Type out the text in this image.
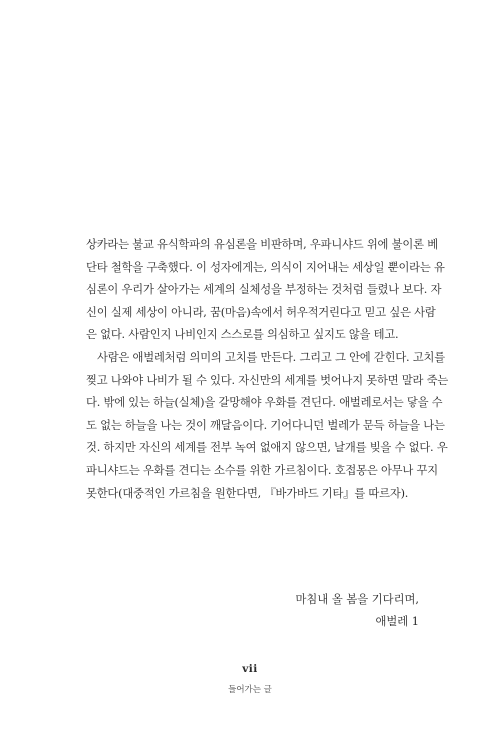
상카라는 불교 유식학파의 유심론을 비판하며, 우파니샤드 위에 불이론 베
단타 철학을 구축했다. 이 성자에게는, 의식이 지어내는 세상일 뿐이라는 유
심론이 우리가 살아가는 세계의 실체성을 부정하는 것처럼 들렸나 보다. 자
신이 실제 세상이 아니라, 꿈(마음)속에서 허우적거린다고 믿고 싶은 사람
은 없다. 사람인지 나비인지 스스로를 의심하고 싶지도 않을 테고.
사람은 애벌레처럼 의미의 고치를 만든다. 그리고 그 안에 갇힌다. 고치를
찢고 나와야 나비가 될 수 있다. 자신만의 세계를 벗어나지 못하면 말라 죽는
다. 밖에 있는 하늘(실체)을 갈망해야 우화를 견딘다. 애벌레로서는 닿을 수
도 없는 하늘을 나는 것이 깨달음이다. 기어다니던 벌레가 문득 하늘을 나는
것. 하지만 자신의 세계를 전부 녹여 없애지 않으면, 날개를 빚을 수 없다. 우
파니샤드는 우화를 견디는 소수를 위한 가르침이다. 호접몽은 아무나 꾸지
못한다(대중적인 가르침을 원한다면, 『바가바드 기타』를 따르자).
마침내 올 봄을 기다리며,
애벌레 1
vii
들어가는 글
